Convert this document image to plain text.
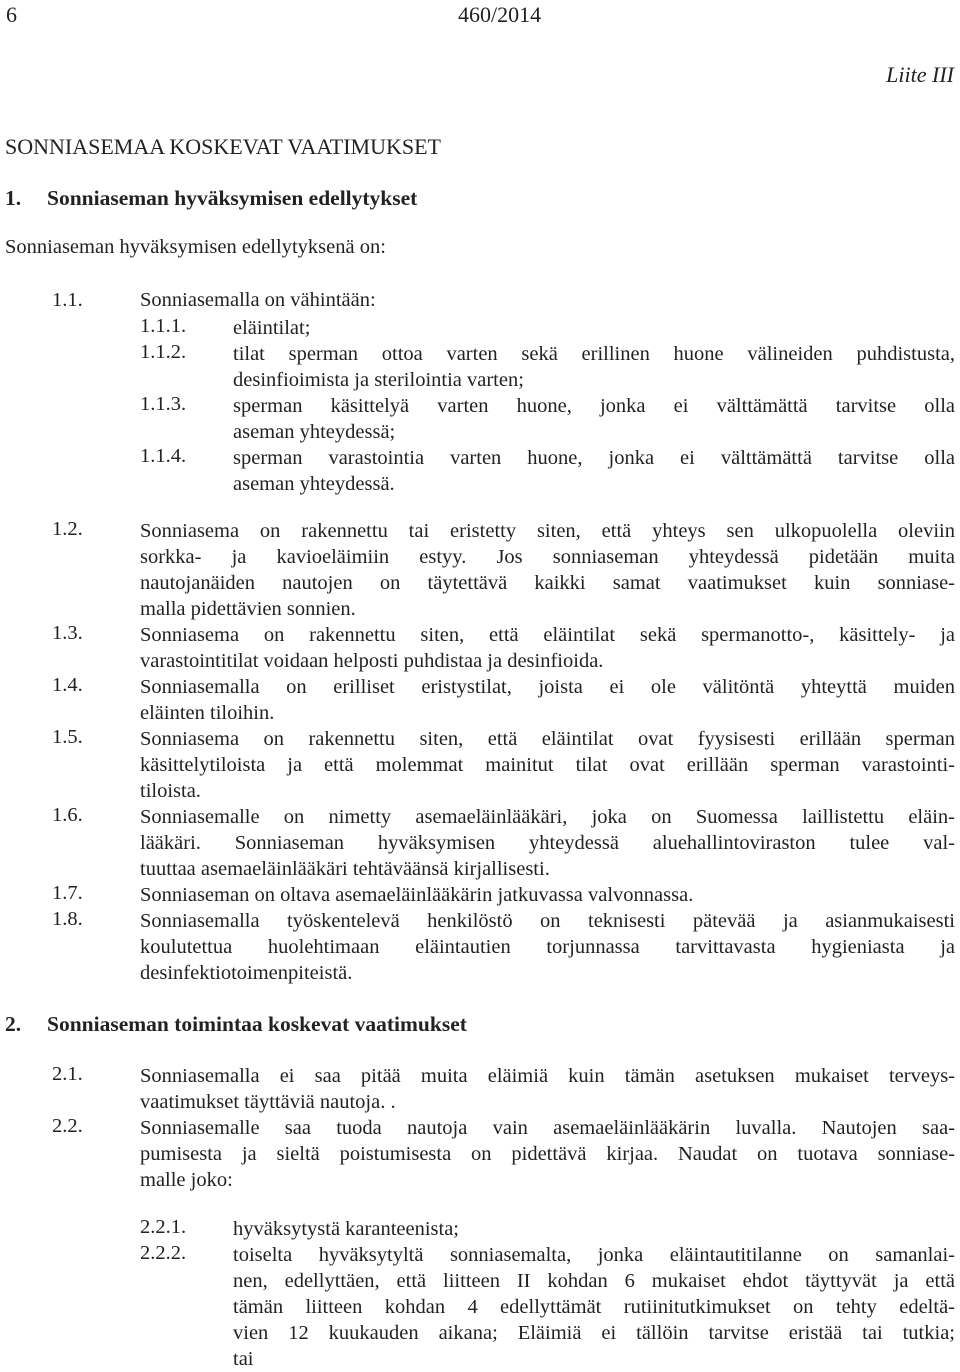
6	460/2014
Liite III
SONNIASEMAA KOSKEVAT VAATIMUKSET
1. Sonniaseman hyväksymisen edellytykset
Sonniaseman hyväksymisen edellytyksenä on:
1.1.	Sonniasemalla on vähintään:
1.1.1. eläintilat;
1.1.2. tilat sperman ottoa varten sekä erillinen huone välineiden puhdistusta,
desinfioimista ja sterilointia varten;
1.1.3. sperman käsittelyä varten huone, jonka ei välttämättä tarvitse olla
aseman yhteydessä;
1.1.4. sperman varastointia varten huone, jonka ei välttämättä tarvitse olla
aseman yhteydessä.
1.2.	Sonniasema on rakennettu tai eristetty siten, että yhteys sen ulkopuolella oleviin
sorkka- ja kavioeläimiin estyy. Jos sonniaseman yhteydessä pidetään muita
nautojanäiden nautojen on täytettävä kaikki samat vaatimukset kuin sonniase-
malla pidettävien sonnien.
1.3.	Sonniasema on rakennettu siten, että eläintilat sekä spermanotto-, käsittely- ja
varastointitilat voidaan helposti puhdistaa ja desinfioida.
1.4.	Sonniasemalla on erilliset eristystilat, joista ei ole välitöntä yhteyttä muiden
eläinten tiloihin.
1.5.	Sonniasema on rakennettu siten, että eläintilat ovat fyysisesti erillään sperman
käsittelytiloista ja että molemmat mainitut tilat ovat erillään sperman varastointi-
tiloista.
1.6.	Sonniasemalle on nimetty asemaeläinlääkäri, joka on Suomessa laillistettu eläin-
lääkäri. Sonniaseman hyväksymisen yhteydessä aluehallintoviraston tulee val-
tuuttaa asemaeläinlääkäri tehtäväänsä kirjallisesti.
1.7.	Sonniaseman on oltava asemaeläinlääkärin jatkuvassa valvonnassa.
1.8.	Sonniasemalla työskentelevä henkilöstö on teknisesti pätevää ja asianmukaisesti
koulutettua huolehtimaan eläintautien torjunnassa tarvittavasta hygieniasta ja
desinfektiotoimenpiteistä.
2.1.	Sonniasemalla ei saa pitää muita eläimiä kuin tämän asetuksen mukaiset terveys-
vaatimukset täyttäviä nautoja. .
2.2.	Sonniasemalle saa tuoda nautoja vain asemaeläinlääkärin luvalla. Nautojen saa-
pumisesta ja sieltä poistumisesta on pidettävä kirjaa. Naudat on tuotava sonniase-
malle joko:
2.2.1. hyväksytystä karanteenista;
2.2.2. toiselta hyväksytyltä sonniasemalta, jonka eläintautitilanne on samanlai-
nen, edellyttäen, että liitteen II kohdan 6 mukaiset ehdot täyttyvät ja että
tämän liitteen kohdan 4 edellyttämät rutiinitutkimukset on tehty edeltä-
vien 12 kuukauden aikana; Eläimiä ei tällöin tarvitse eristää tai tutkia;
tai
2. Sonniaseman toimintaa koskevat vaatimukset
